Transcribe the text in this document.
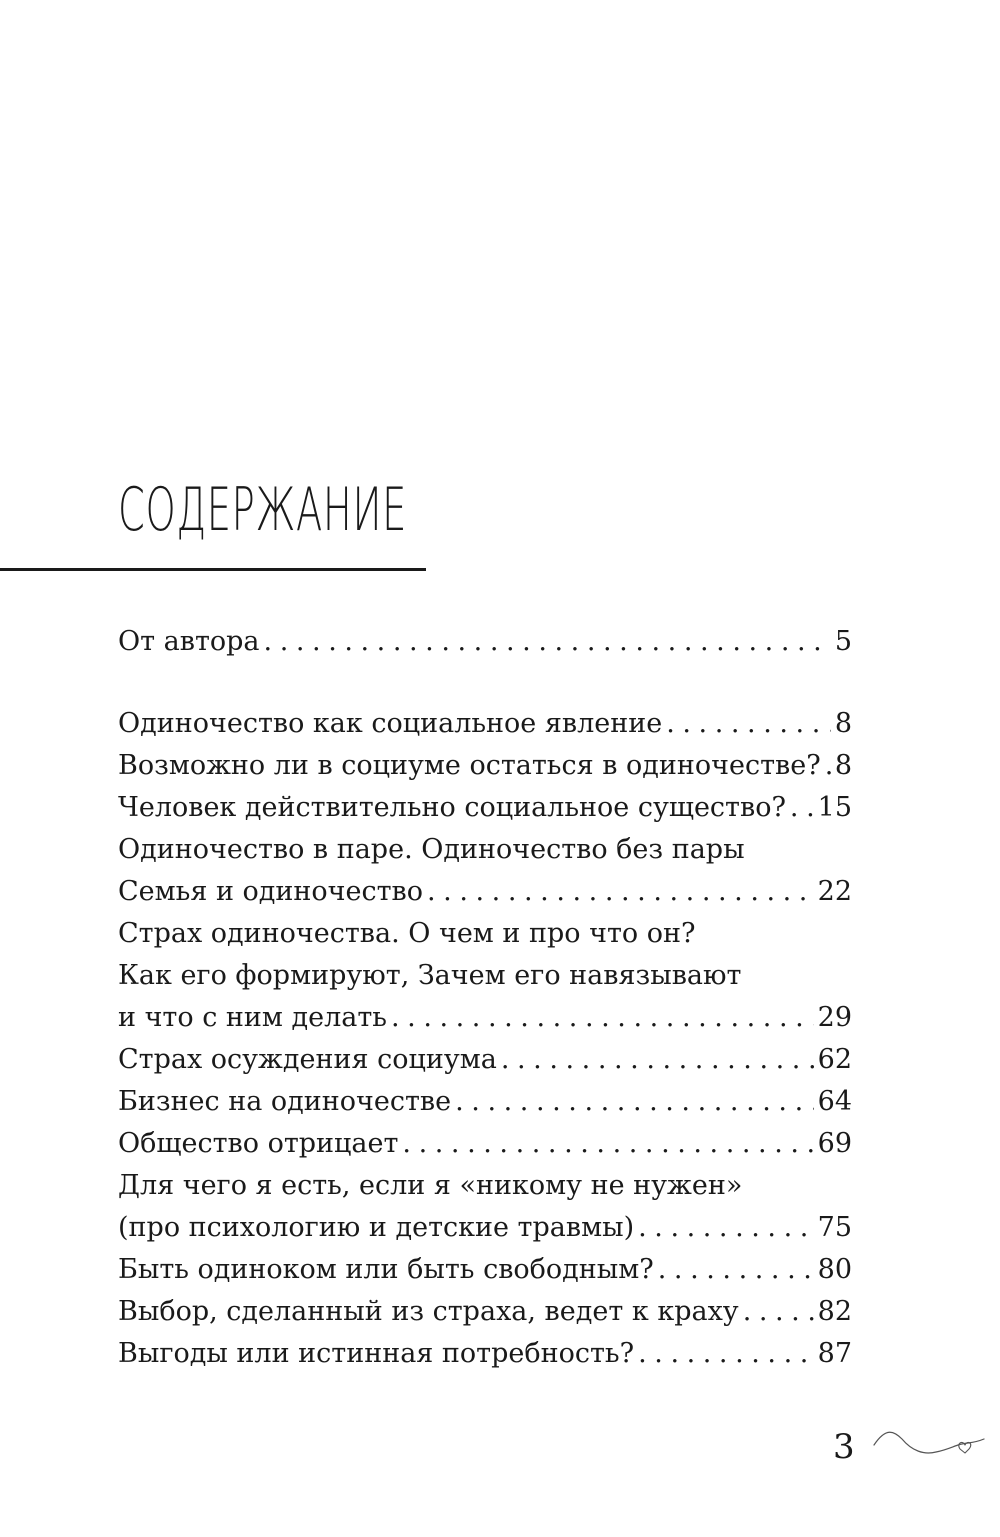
СОДЕРЖАНИЕ
От автора . . .	5
Одиночество как социальное явление . . .	8
Возможно ли в социуме остаться в одиночестве? . . . 8
Человек действительно социальное существо? . . . 15
Одиночество в паре. Одиночество без пары
Семья и одиночество . . .	22
Страх одиночества. О чем и про что он?
Как его формируют, Зачем его навязывают
и что с ним делать . . .	29
Страх осуждения социума . . .	62
Бизнес на одиночестве . . .	64
Общество отрицает . . .	69
Для чего я есть, если я «никому не нужен»
(про психологию и детские травмы) . . .	75
Быть одиноком или быть свободным? . . .	80
Выбор, сделанный из страха, ведет к краху . . .	82
Выгоды или истинная потребность? . . .	87
3
